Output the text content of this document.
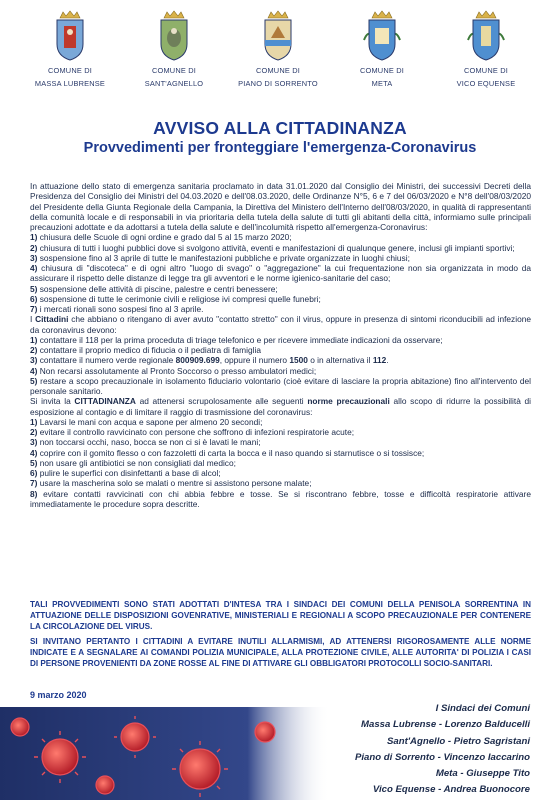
COMUNE DI
MASSA LUBRENSE
COMUNE DI
SANT'AGNELLO
COMUNE DI
PIANO DI SORRENTO
COMUNE DI
META
COMUNE DI
VICO EQUENSE
AVVISO ALLA CITTADINANZA
Provvedimenti per fronteggiare l'emergenza-Coronavirus

In attuazione dello stato di emergenza sanitaria proclamato in data 31.01.2020 dal Consiglio dei Ministri, dei successivi Decreti della Presidenza del Consiglio dei Ministri del 04.03.2020 e dell'08.03.2020, delle Ordinanze N°5, 6 e 7 del 06/03/2020 e N°8 dell'08/03/2020 del Presidente della Giunta Regionale della Campania, la Direttiva del Ministero dell'Interno dell'08/03/2020, in qualità di rappresentanti della comunità locale e di responsabili in via prioritaria della tutela della salute di tutti gli abitanti della città, informiamo sulle principali precauzioni adottate e da adottarsi a tutela della salute e dell'incolumità rispetto all'emergenza-Coronavirus:

1) chiusura delle Scuole di ogni ordine e grado dal 5 al 15 marzo 2020;

2) chiusura di tutti i luoghi pubblici dove si svolgono attività, eventi e manifestazioni di qualunque genere, inclusi gli impianti sportivi;

3) sospensione fino al 3 aprile di tutte le manifestazioni pubbliche e private organizzate in luoghi chiusi;

4) chiusura di "discoteca" e di ogni altro "luogo di svago" o "aggregazione" la cui frequentazione non sia organizzata in modo da assicurare il rispetto delle distanze di legge tra gli avventori e le norme igienico-sanitarie del caso;

5) sospensione delle attività di piscine, palestre e centri benessere;

6) sospensione di tutte le cerimonie civili e religiose ivi compresi quelle funebri;

7) i mercati rionali sono sospesi fino al 3 aprile.

I Cittadini che abbiano o ritengano di aver avuto "contatto stretto" con il virus, oppure in presenza di sintomi riconducibili ad infezione da coronavirus devono:

1) contattare il 118 per la prima proceduta di triage telefonico e per ricevere immediate indicazioni da osservare;

2) contattare il proprio medico di fiducia o il pediatra di famiglia

3) contattare il numero verde regionale 800909.699, oppure il numero 1500 o in alternativa il 112.

4) Non recarsi assolutamente al Pronto Soccorso o presso ambulatori medici;

5) restare a scopo precauzionale in isolamento fiduciario volontario (cioè evitare di lasciare la propria abitazione) fino all'intervento del personale sanitario.

Si invita la CITTADINANZA ad attenersi scrupolosamente alle seguenti norme precauzionali allo scopo di ridurre la possibilità di esposizione al contagio e di limitare il raggio di trasmissione del coronavirus:

1) Lavarsi le mani con acqua e sapone per almeno 20 secondi;

2) evitare il controllo ravvicinato con persone che soffrono di infezioni respiratorie acute;

3) non toccarsi occhi, naso, bocca se non ci si è lavati le mani;

4) coprire con il gomito flesso o con fazzoletti di carta la bocca e il naso quando si starnutisce o si tossisce;

5) non usare gli antibiotici se non consigliati dal medico;

6) pulire le superfici con disinfettanti a base di alcol;

7) usare la mascherina solo se malati o mentre si assistono persone malate;

8) evitare contatti ravvicinati con chi abbia febbre e tosse. Se si riscontrano febbre, tosse e difficoltà respiratorie attivare immediatamente le procedure sopra descritte.

TALI PROVVEDIMENTI SONO STATI ADOTTATI D'INTESA TRA I SINDACI DEI COMUNI DELLA PENISOLA SORRENTINA IN ATTUAZIONE DELLE DISPOSIZIONI GOVENRATIVE, MINISTERIALI E REGIONALI A SCOPO PRECAUZIONALE PER CONTENERE LA CIRCOLAZIONE DEL VIRUS.

SI INVITANO PERTANTO I CITTADINI A EVITARE INUTILI ALLARMISMI, AD ATTENERSI RIGOROSAMENTE ALLE NORME INDICATE E A SEGNALARE AI COMANDI POLIZIA MUNICIPALE, ALLA PROTEZIONE CIVILE, ALLE AUTORITA' DI POLIZIA I CASI DI PERSONE PROVENIENTI DA ZONE ROSSE AL FINE DI ATTIVARE GLI OBBLIGATORI PROTOCOLLI SOCIO-SANITARI.

9 marzo 2020
I Sindaci dei Comuni
Massa Lubrense - Lorenzo Balducelli
Sant'Agnello - Pietro Sagristani
Piano di Sorrento - Vincenzo Iaccarino
Meta - Giuseppe Tito
Vico Equense - Andrea Buonocore
